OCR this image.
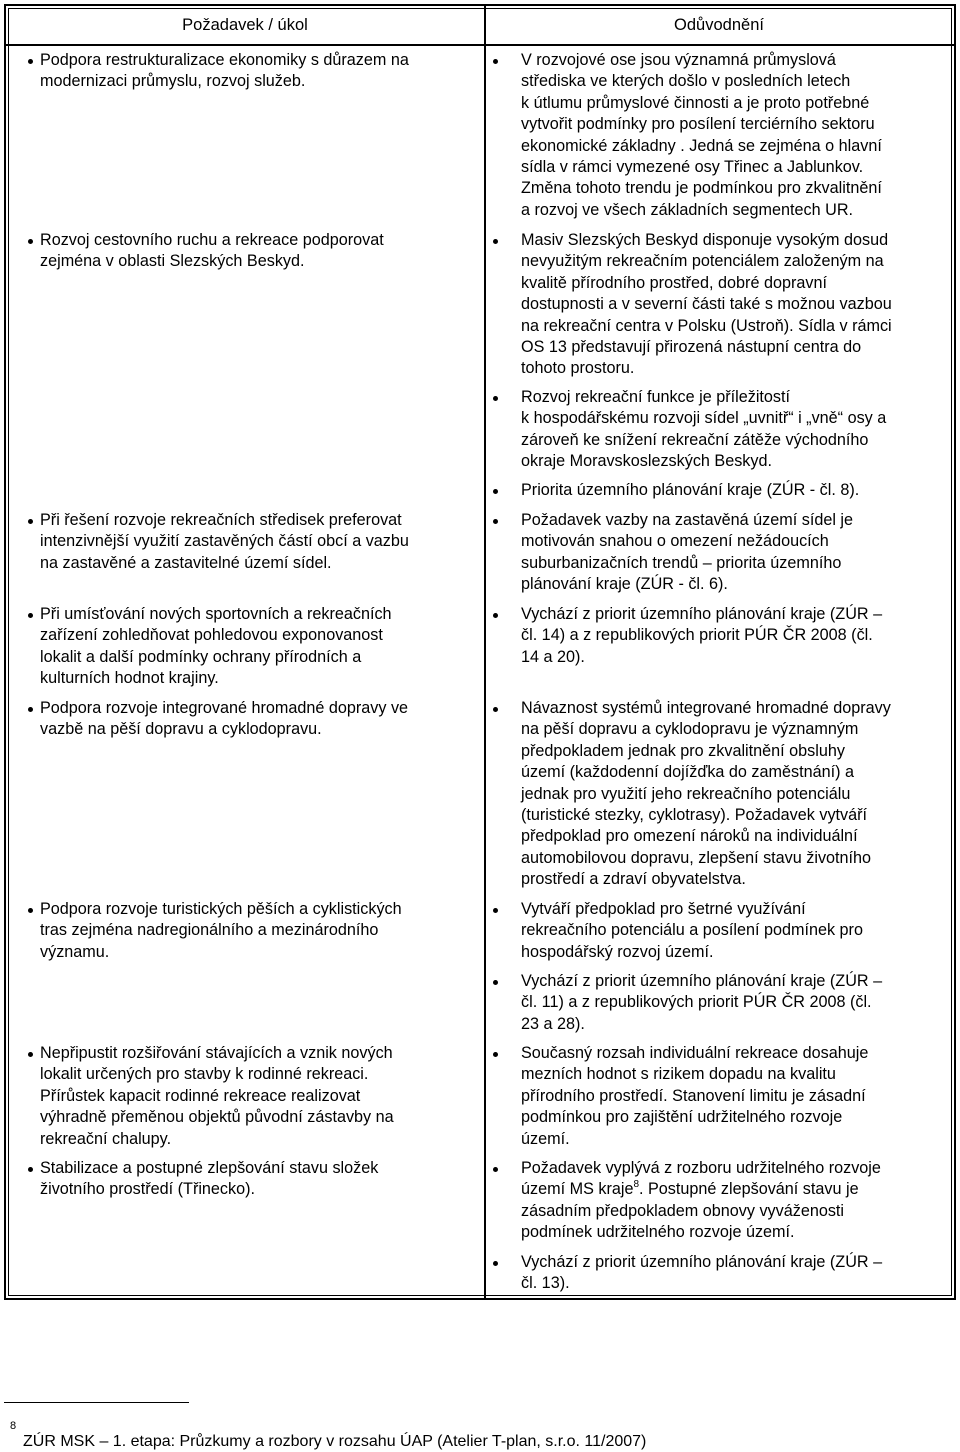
Požadavek / úkol	Odůvodnění
Podpora restrukturalizace ekonomiky s důrazem na
modernizaci průmyslu, rozvoj služeb.
Rozvoj cestovního ruchu a rekreace podporovat
zejména v oblasti Slezských Beskyd.
Při řešení rozvoje rekreačních středisek preferovat
intenzivnější využití zastavěných částí obcí a vazbu
na zastavěné a zastavitelné území sídel.
Při umísťování nových sportovních a rekreačních
zařízení zohledňovat pohledovou exponovanost
lokalit a další podmínky ochrany přírodních a
kulturních hodnot krajiny.
Podpora rozvoje integrované hromadné dopravy ve
vazbě na pěší dopravu a cyklodopravu.
Podpora rozvoje turistických pěších a cyklistických
tras zejména nadregionálního a mezinárodního
významu.
Nepřipustit rozšiřování stávajících a vznik nových
lokalit určených pro stavby k rodinné rekreaci.
Přírůstek kapacit rodinné rekreace realizovat
výhradně přeměnou objektů původní zástavby na
rekreační chalupy.
Stabilizace a postupné zlepšování stavu složek
životního prostředí (Třinecko).
V rozvojové ose jsou významná průmyslová
střediska ve kterých došlo v posledních letech
k útlumu průmyslové činnosti a je proto potřebné
vytvořit podmínky pro posílení terciérního sektoru
ekonomické základny . Jedná se zejména o hlavní
sídla v rámci vymezené osy Třinec a Jablunkov.
Změna tohoto trendu je podmínkou pro zkvalitnění
a rozvoj ve všech základních segmentech UR.
Masiv Slezských Beskyd disponuje vysokým dosud
nevyužitým rekreačním potenciálem založeným na
kvalitě přírodního prostřed, dobré dopravní
dostupnosti a v severní části také s možnou vazbou
na rekreační centra v Polsku (Ustroň). Sídla v rámci
OS 13 představují přirozená nástupní centra do
tohoto prostoru.
Rozvoj rekreační funkce je příležitostí
k hospodářskému rozvoji sídel „uvnitř“ i „vně“ osy a
zároveň ke snížení rekreační zátěže východního
okraje Moravskoslezských Beskyd.
Priorita územního plánování kraje (ZÚR - čl. 8).
Požadavek vazby na zastavěná území sídel je
motivován snahou o omezení nežádoucích
suburbanizačních trendů – priorita územního
plánování kraje (ZÚR - čl. 6).
Vychází z priorit územního plánování kraje (ZÚR –
čl. 14) a z republikových priorit PÚR ČR 2008 (čl.
14 a 20).
Návaznost systémů integrované hromadné dopravy
na pěší dopravu a cyklodopravu je významným
předpokladem jednak pro zkvalitnění obsluhy
území (každodenní dojížďka do zaměstnání) a
jednak pro využití jeho rekreačního potenciálu
(turistické stezky, cyklotrasy). Požadavek vytváří
předpoklad pro omezení nároků na individuální
automobilovou dopravu, zlepšení stavu životního
prostředí a zdraví obyvatelstva.
Vytváří předpoklad pro šetrné využívání
rekreačního potenciálu a posílení podmínek pro
hospodářský rozvoj území.
Vychází z priorit územního plánování kraje (ZÚR –
čl. 11) a z republikových priorit PÚR ČR 2008 (čl.
23 a 28).
Současný rozsah individuální rekreace dosahuje
mezních hodnot s rizikem dopadu na kvalitu
přírodního prostředí. Stanovení limitu je zásadní
podmínkou pro zajištění udržitelného rozvoje
území.
Požadavek vyplývá z rozboru udržitelného rozvoje
území MS kraje$^8$. Postupné zlepšování stavu je
zásadním předpokladem obnovy vyváženosti
podmínek udržitelného rozvoje území.
Vychází z priorit územního plánování kraje (ZÚR –
čl. 13).
8
ZÚR MSK – 1. etapa: Průzkumy a rozbory v rozsahu ÚAP (Atelier T-plan, s.r.o. 11/2007)
